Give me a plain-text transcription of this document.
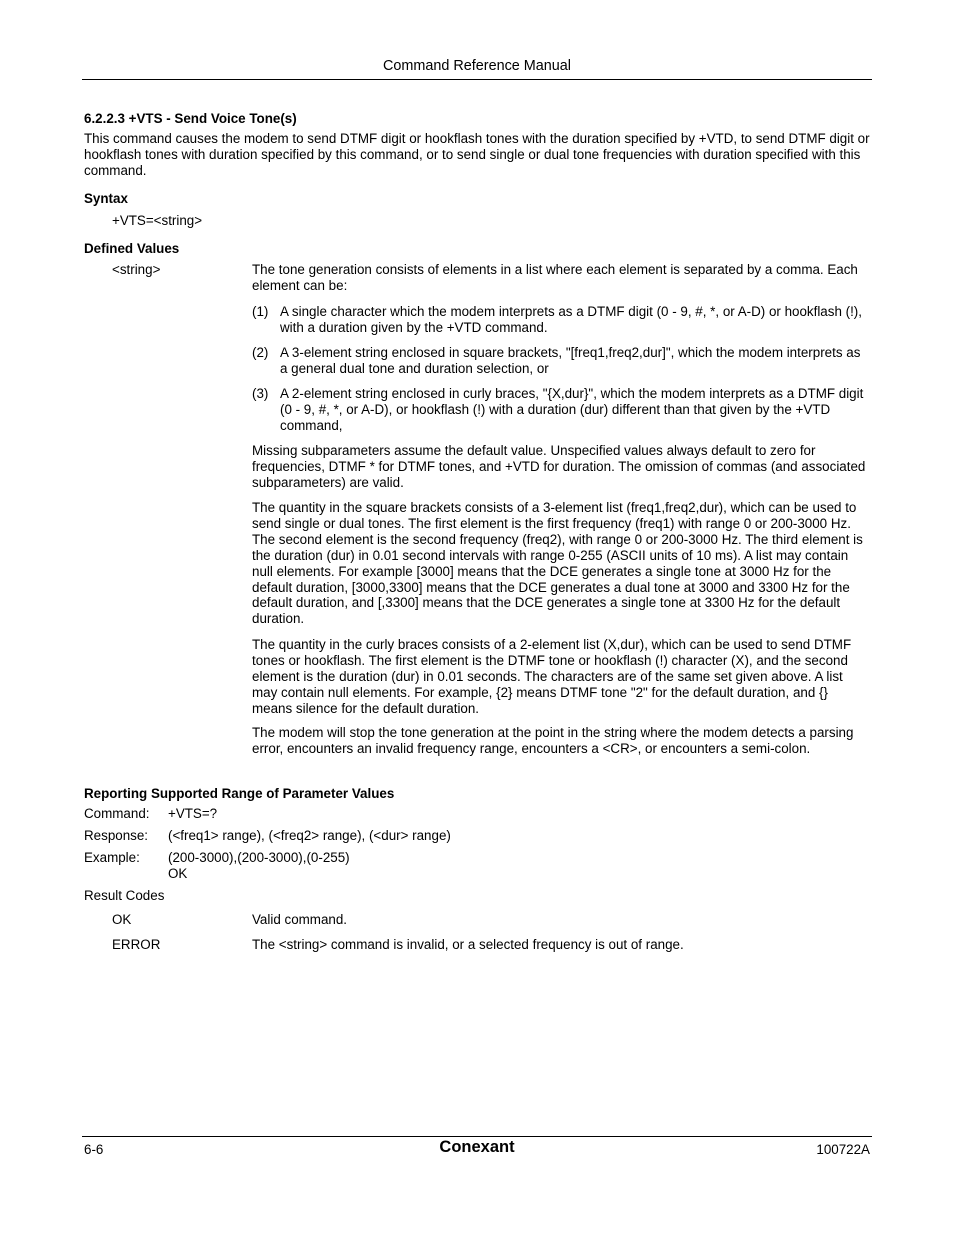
Command Reference Manual
6.2.2.3 +VTS - Send Voice Tone(s)
This command causes the modem to send DTMF digit or hookflash tones with the duration specified by +VTD, to send DTMF digit or hookflash tones with duration specified by this command, or to send single or dual tone frequencies with duration specified with this command.
Syntax
+VTS=<string>
Defined Values
<string>	The tone generation consists of elements in a list where each element is separated by a comma. Each element can be:
(1) A single character which the modem interprets as a DTMF digit (0 - 9, #, *, or A-D) or hookflash (!), with a duration given by the +VTD command.
(2) A 3-element string enclosed in square brackets, "[freq1,freq2,dur]", which the modem interprets as a general dual tone and duration selection, or
(3) A 2-element string enclosed in curly braces, "{X,dur}", which the modem interprets as a DTMF digit (0 - 9, #, *, or A-D), or hookflash (!) with a duration (dur) different than that given by the +VTD command,
Missing subparameters assume the default value. Unspecified values always default to zero for frequencies, DTMF * for DTMF tones, and +VTD for duration. The omission of commas (and associated subparameters) are valid.
The quantity in the square brackets consists of a 3-element list (freq1,freq2,dur), which can be used to send single or dual tones. The first element is the first frequency (freq1) with range 0 or 200-3000 Hz. The second element is the second frequency (freq2), with range 0 or 200-3000 Hz. The third element is the duration (dur) in 0.01 second intervals with range 0-255 (ASCII units of 10 ms). A list may contain null elements. For example [3000] means that the DCE generates a single tone at 3000 Hz for the default duration, [3000,3300] means that the DCE generates a dual tone at 3000 and 3300 Hz for the default duration, and [,3300] means that the DCE generates a single tone at 3300 Hz for the default duration.
The quantity in the curly braces consists of a 2-element list (X,dur), which can be used to send DTMF tones or hookflash. The first element is the DTMF tone or hookflash (!) character (X), and the second element is the duration (dur) in 0.01 seconds. The characters are of the same set given above. A list may contain null elements. For example, {2} means DTMF tone "2" for the default duration, and {} means silence for the default duration.
The modem will stop the tone generation at the point in the string where the modem detects a parsing error, encounters an invalid frequency range, encounters a <CR>, or encounters a semi-colon.
Reporting Supported Range of Parameter Values
Command: +VTS=?
Response: (<freq1> range), (<freq2> range), (<dur> range)
Example: (200-3000),(200-3000),(0-255)
OK
Result Codes
OK	Valid command.
ERROR	The <string> command is invalid, or a selected frequency is out of range.
6-6	Conexant	100722A
